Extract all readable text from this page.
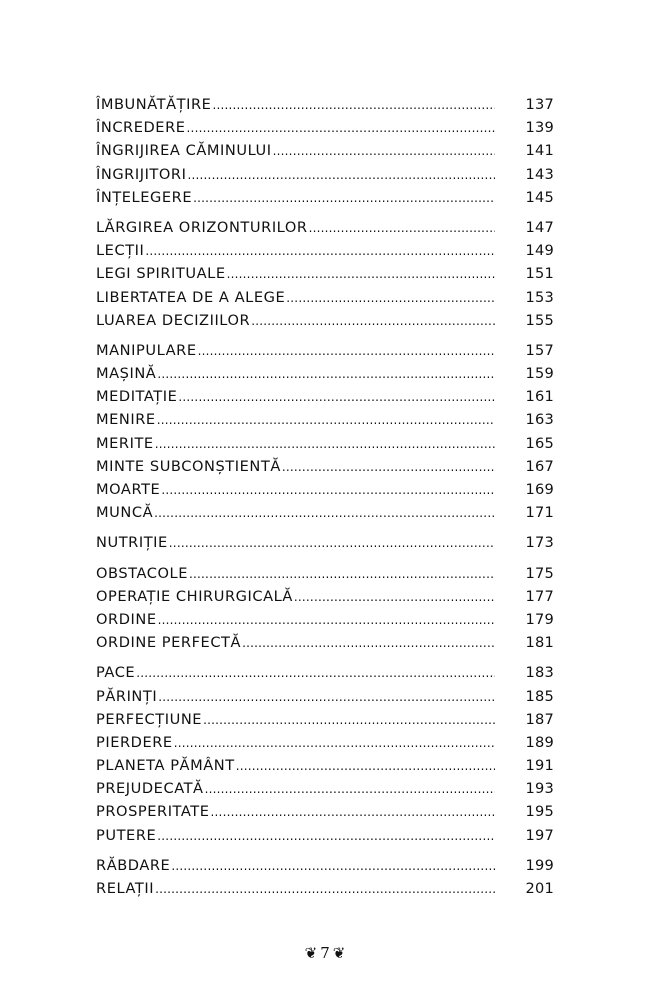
ÎMBUNĂTĂȚIRE .....	137
ÎNCREDERE .....	139
ÎNGRIJIREA CĂMINULUI .....	141
ÎNGRIJITORI .....	143
ÎNȚELEGERE .....	145
LĂRGIREA ORIZONTURILOR .....	147
LECȚII .....	149
LEGI SPIRITUALE .....	151
LIBERTATEA DE A ALEGE .....	153
LUAREA DECIZIILOR .....	155
MANIPULARE .....	157
MAȘINĂ .....	159
MEDITAȚIE .....	161
MENIRE .....	163
MERITE .....	165
MINTE SUBCONȘTIENTĂ .....	167
MOARTE .....	169
MUNCĂ .....	171
NUTRIȚIE .....	173
OBSTACOLE .....	175
OPERAȚIE CHIRURGICALĂ .....	177
ORDINE .....	179
ORDINE PERFECTĂ .....	181
PACE .....	183
PĂRINȚI .....	185
PERFECȚIUNE .....	187
PIERDERE .....	189
PLANETA PĂMÂNT .....	191
PREJUDECATĂ .....	193
PROSPERITATE .....	195
PUTERE .....	197
RĂBDARE .....	199
RELAȚII .....	201
❦ 7 ❦
